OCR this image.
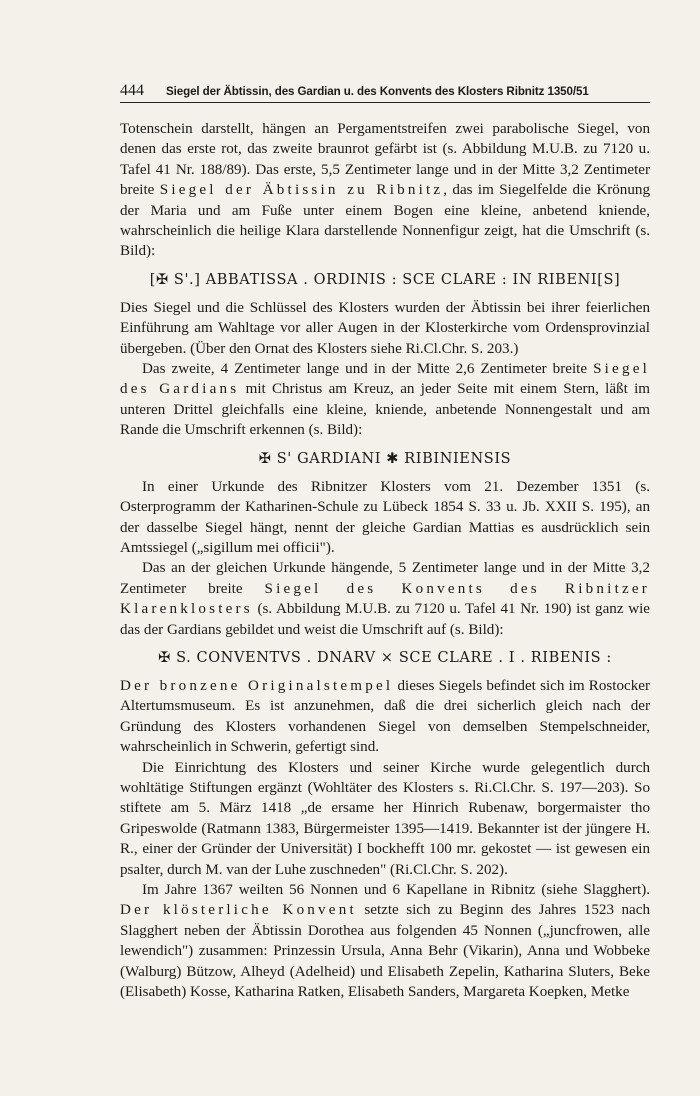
444 Siegel der Äbtissin, des Gardian u. des Konvents des Klosters Ribnitz 1350/51

Totenschein darstellt, hängen an Pergamentstreifen zwei parabolische Siegel, von denen das erste rot, das zweite braunrot gefärbt ist (s. Abbildung M.U.B. zu 7120 u. Tafel 41 Nr. 188/89). Das erste, 5,5 Zentimeter lange und in der Mitte 3,2 Zentimeter breite Siegel der Äbtissin zu Ribnitz, das im Siegelfelde die Krönung der Maria und am Fuße unter einem Bogen eine kleine, anbetend kniende, wahrscheinlich die heilige Klara darstellende Nonnenfigur zeigt, hat die Umschrift (s. Bild):

[✠ S'.] ABBATISSA . ORDINIS : SCE CLARE : IN RIBENI[S]

Dies Siegel und die Schlüssel des Klosters wurden der Äbtissin bei ihrer feierlichen Einführung am Wahltage vor aller Augen in der Klosterkirche vom Ordensprovinzial übergeben. (Über den Ornat des Klosters siehe Ri.Cl.Chr. S. 203.)

Das zweite, 4 Zentimeter lange und in der Mitte 2,6 Zentimeter breite Siegel des Gardians mit Christus am Kreuz, an jeder Seite mit einem Stern, läßt im unteren Drittel gleichfalls eine kleine, kniende, anbetende Nonnengestalt und am Rande die Umschrift erkennen (s. Bild):

✠ S' GARDIANI ✱ RIBINIENSIS

In einer Urkunde des Ribnitzer Klosters vom 21. Dezember 1351 (s. Osterprogramm der Katharinen-Schule zu Lübeck 1854 S. 33 u. Jb. XXII S. 195), an der dasselbe Siegel hängt, nennt der gleiche Gardian Mattias es ausdrücklich sein Amtssiegel („sigillum mei officii").

Das an der gleichen Urkunde hängende, 5 Zentimeter lange und in der Mitte 3,2 Zentimeter breite Siegel des Konvents des Ribnitzer Klarenklosters (s. Abbildung M.U.B. zu 7120 u. Tafel 41 Nr. 190) ist ganz wie das der Gardians gebildet und weist die Umschrift auf (s. Bild):

✠ S. CONVENTVS . DNARV × SCE CLARE . I . RIBENIS :

Der bronzene Originalstempel dieses Siegels befindet sich im Rostocker Altertumsmuseum. Es ist anzunehmen, daß die drei sicherlich gleich nach der Gründung des Klosters vorhandenen Siegel von demselben Stempelschneider, wahrscheinlich in Schwerin, gefertigt sind.

Die Einrichtung des Klosters und seiner Kirche wurde gelegentlich durch wohltätige Stiftungen ergänzt (Wohltäter des Klosters s. Ri.Cl.Chr. S. 197—203). So stiftete am 5. März 1418 „de ersame her Hinrich Rubenaw, borgermaister tho Gripeswolde (Ratmann 1383, Bürgermeister 1395—1419. Bekannter ist der jüngere H. R., einer der Gründer der Universität) I bockhefft 100 mr. gekostet — ist gewesen ein psalter, durch M. van der Luhe zuschneden" (Ri.Cl.Chr. S. 202).

Im Jahre 1367 weilten 56 Nonnen und 6 Kapellane in Ribnitz (siehe Slagghert). Der klösterliche Konvent setzte sich zu Beginn des Jahres 1523 nach Slagghert neben der Äbtissin Dorothea aus folgenden 45 Nonnen („juncfrowen, alle lewendich") zusammen: Prinzessin Ursula, Anna Behr (Vikarin), Anna und Wobbeke (Walburg) Bützow, Alheyd (Adelheid) und Elisabeth Zepelin, Katharina Sluters, Beke (Elisabeth) Kosse, Katharina Ratken, Elisabeth Sanders, Margareta Koepken, Metke
